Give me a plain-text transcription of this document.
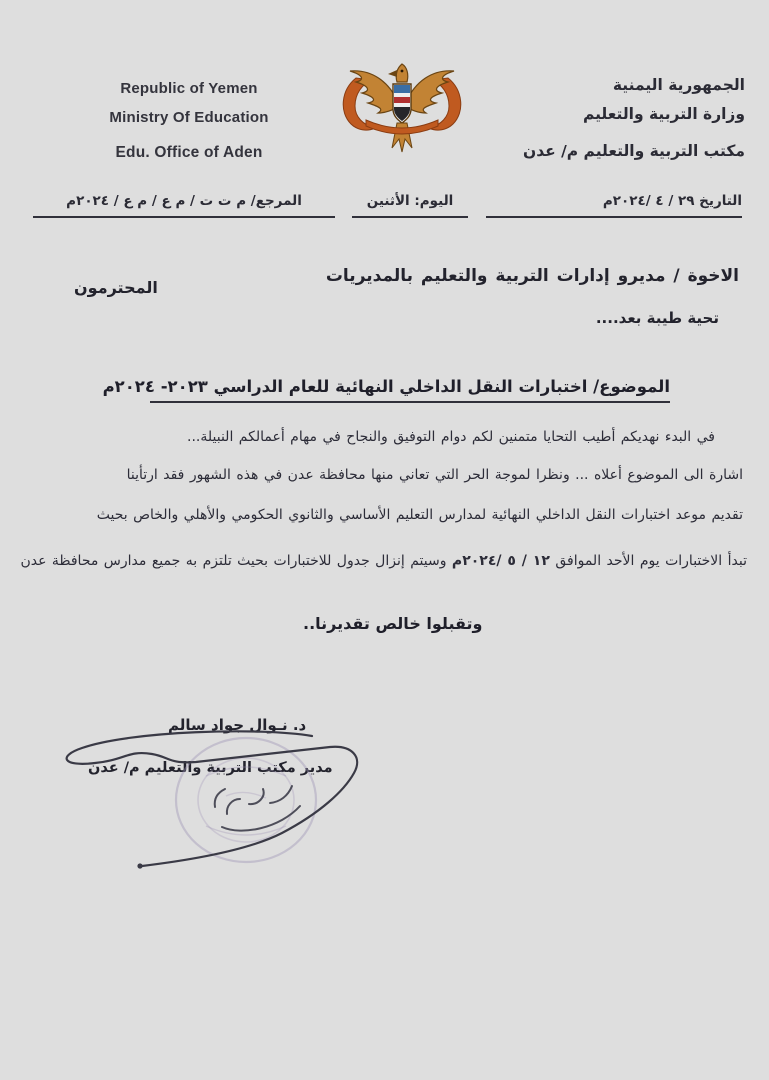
Republic of Yemen
Ministry Of Education
Edu. Office of Aden
الجمهورية اليمنية
وزارة التربية والتعليم
مكتب التربية والتعليم م/ عدن
التاريخ ٢٩ / ٤ /٢٠٢٤م
اليوم: الأثنين
المرجع/ م ت ت / م ع / م ع / ٢٠٢٤م
الاخوة / مديرو إدارات التربية والتعليم بالمديريات
المحترمون
تحية طيبة بعد....
الموضوع/ اختبارات النقل الداخلي النهائية للعام الدراسي ٢٠٢٣- ٢٠٢٤م
في البدء نهديكم أطيب التحايا متمنين لكم دوام التوفيق والنجاح في مهام أعمالكم النبيلة...
اشارة الى الموضوع أعلاه ... ونظرا لموجة الحر التي تعاني منها محافظة عدن في هذه الشهور فقد ارتأينا
تقديم موعد اختبارات النقل الداخلي النهائية لمدارس التعليم الأساسي والثانوي الحكومي والأهلي والخاص بحيث
تبدأ الاختبارات يوم الأحد الموافق ١٢ / ٥ /٢٠٢٤م وسيتم إنزال جدول للاختبارات بحيث تلتزم به جميع مدارس محافظة عدن
وتقبلوا خالص تقديرنا..
د. نـوال جواد سالم
مدير مكتب التربية والتعليم م/ عدن
